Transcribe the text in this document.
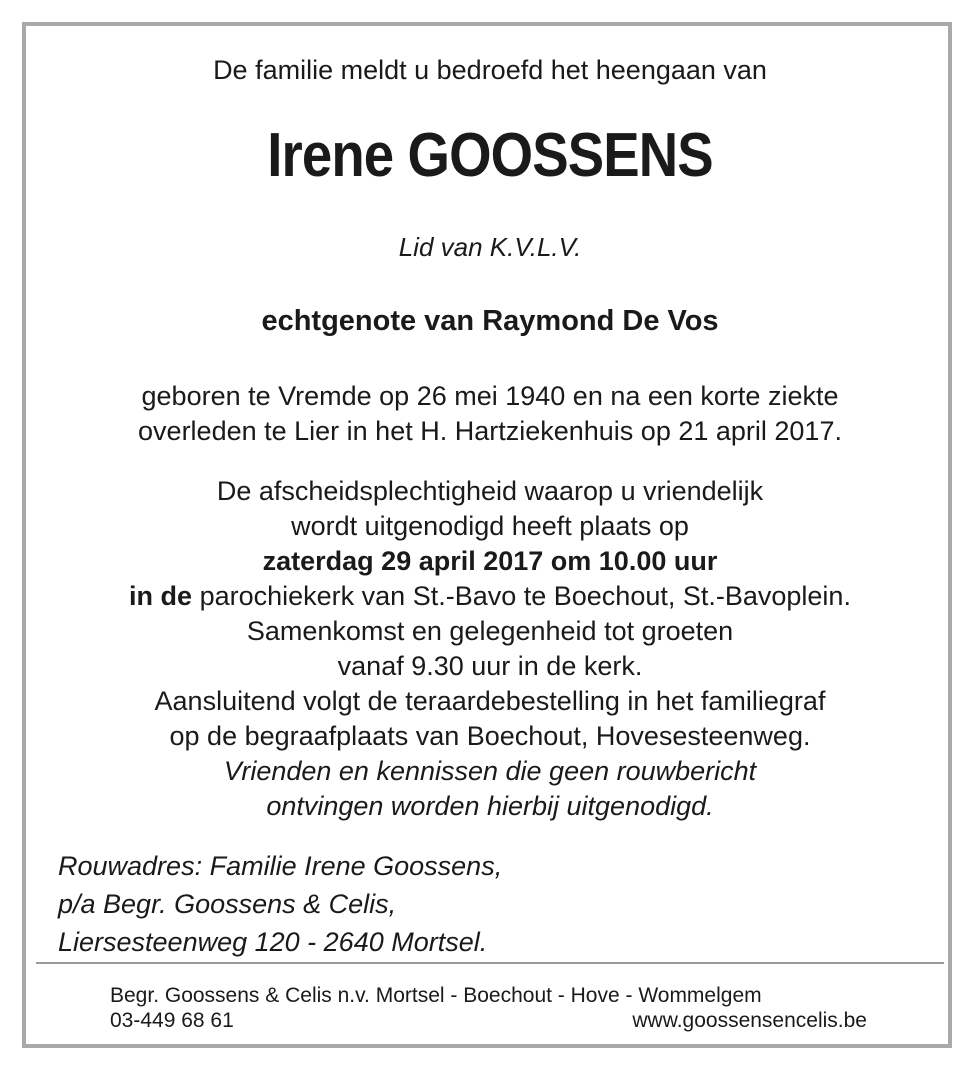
De familie meldt u bedroefd het heengaan van
Irene GOOSSENS
Lid van K.V.L.V.
echtgenote van Raymond De Vos
geboren te Vremde op 26 mei 1940 en na een korte ziekte
overleden te Lier in het H. Hartziekenhuis op 21 april 2017.
De afscheidsplechtigheid waarop u vriendelijk
wordt uitgenodigd heeft plaats op
zaterdag 29 april 2017 om 10.00 uur
in de parochiekerk van St.-Bavo te Boechout, St.-Bavoplein.
Samenkomst en gelegenheid tot groeten
vanaf 9.30 uur in de kerk.
Aansluitend volgt de teraardebestelling in het familiegraf
op de begraafplaats van Boechout, Hovesesteenweg.
Vrienden en kennissen die geen rouwbericht
ontvingen worden hierbij uitgenodigd.
Rouwadres: Familie Irene Goossens,
p/a Begr. Goossens & Celis,
Liersesteenweg 120 - 2640 Mortsel.
Begr. Goossens & Celis n.v. Mortsel - Boechout - Hove - Wommelgem
03-449 68 61	www.goossensencelis.be
